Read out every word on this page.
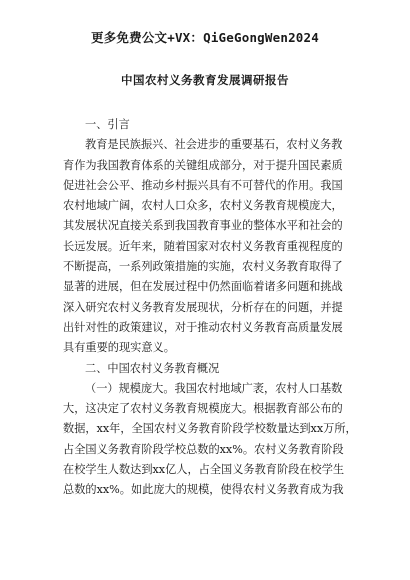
更多免费公文+VX：QiGeGongWen2024
中国农村义务教育发展调研报告
一、引言
教育是民族振兴、社会进步的重要基石，农村义务教
育作为我国教育体系的关键组成部分，对于提升国民素质
促进社会公平、推动乡村振兴具有不可替代的作用。我国
农村地域广阔，农村人口众多，农村义务教育规模庞大，
其发展状况直接关系到我国教育事业的整体水平和社会的
长远发展。近年来，随着国家对农村义务教育重视程度的
不断提高，一系列政策措施的实施，农村义务教育取得了
显著的进展，但在发展过程中仍然面临着诸多问题和挑战
深入研究农村义务教育发展现状，分析存在的问题，并提
出针对性的政策建议，对于推动农村义务教育高质量发展
具有重要的现实意义。
二、中国农村义务教育概况
（一）规模庞大。我国农村地域广袤，农村人口基数
大，这决定了农村义务教育规模庞大。根据教育部公布的
数据，xx年，全国农村义务教育阶段学校数量达到xx万所，
占全国义务教育阶段学校总数的xx%。农村义务教育阶段
在校学生人数达到xx亿人，占全国义务教育阶段在校学生
总数的xx%。如此庞大的规模，使得农村义务教育成为我
